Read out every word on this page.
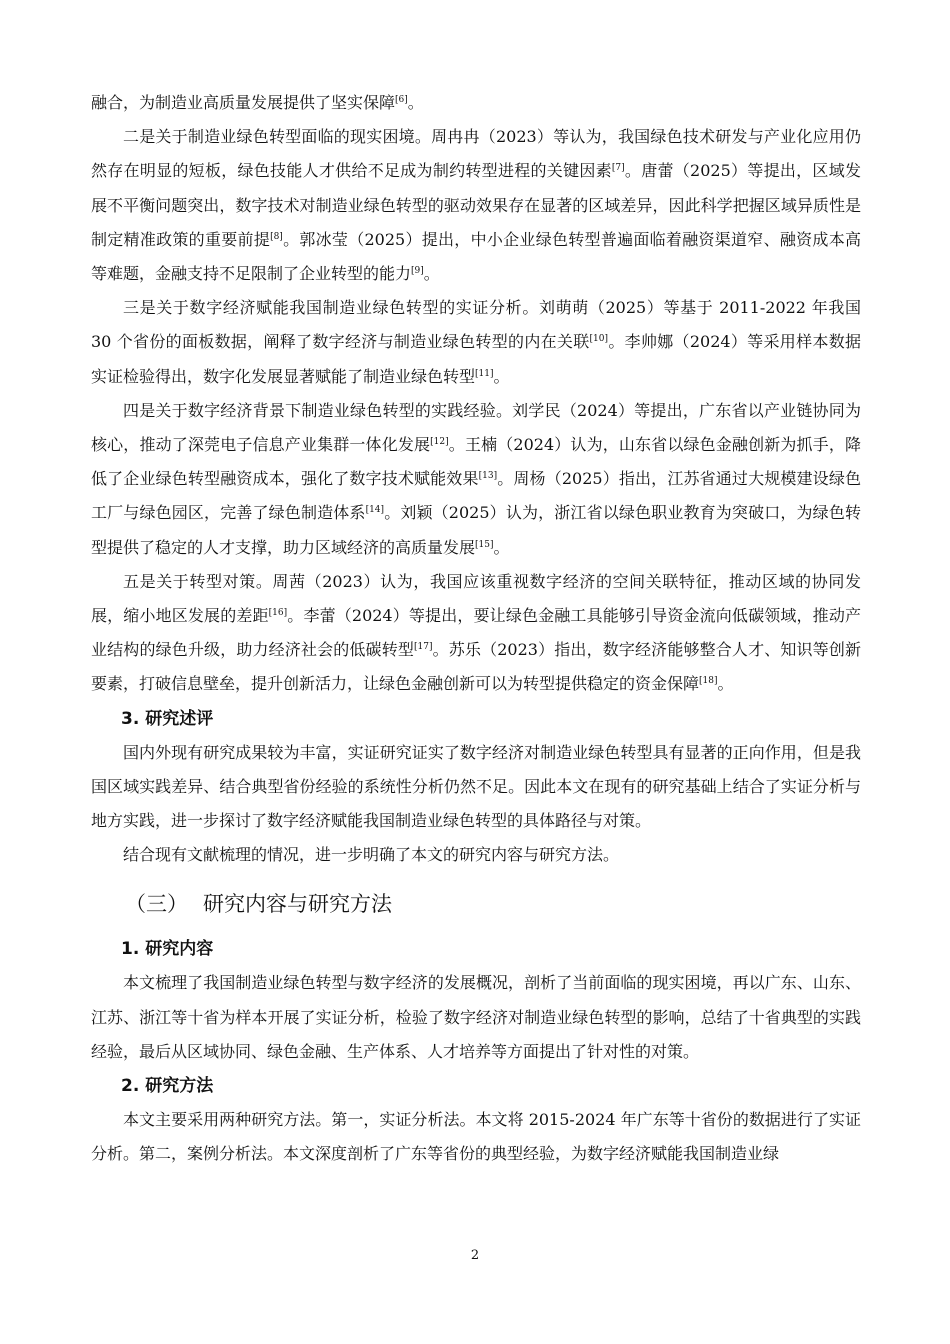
融合，为制造业高质量发展提供了坚实保障[6]。

二是关于制造业绿色转型面临的现实困境。周冉冉（2023）等认为，我国绿色技术研发与产业化应用仍然存在明显的短板，绿色技能人才供给不足成为制约转型进程的关键因素[7]。唐蕾（2025）等提出，区域发展不平衡问题突出，数字技术对制造业绿色转型的驱动效果存在显著的区域差异，因此科学把握区域异质性是制定精准政策的重要前提[8]。郭冰莹（2025）提出，中小企业绿色转型普遍面临着融资渠道窄、融资成本高等难题，金融支持不足限制了企业转型的能力[9]。

三是关于数字经济赋能我国制造业绿色转型的实证分析。刘萌萌（2025）等基于 2011-2022 年我国 30 个省份的面板数据，阐释了数字经济与制造业绿色转型的内在关联[10]。李帅娜（2024）等采用样本数据实证检验得出，数字化发展显著赋能了制造业绿色转型[11]。

四是关于数字经济背景下制造业绿色转型的实践经验。刘学民（2024）等提出，广东省以产业链协同为核心，推动了深莞电子信息产业集群一体化发展[12]。王楠（2024）认为，山东省以绿色金融创新为抓手，降低了企业绿色转型融资成本，强化了数字技术赋能效果[13]。周杨（2025）指出，江苏省通过大规模建设绿色工厂与绿色园区，完善了绿色制造体系[14]。刘颖（2025）认为，浙江省以绿色职业教育为突破口，为绿色转型提供了稳定的人才支撑，助力区域经济的高质量发展[15]。

五是关于转型对策。周茜（2023）认为，我国应该重视数字经济的空间关联特征，推动区域的协同发展，缩小地区发展的差距[16]。李蕾（2024）等提出，要让绿色金融工具能够引导资金流向低碳领域，推动产业结构的绿色升级，助力经济社会的低碳转型[17]。苏乐（2023）指出，数字经济能够整合人才、知识等创新要素，打破信息壁垒，提升创新活力，让绿色金融创新可以为转型提供稳定的资金保障[18]。

3. 研究述评

国内外现有研究成果较为丰富，实证研究证实了数字经济对制造业绿色转型具有显著的正向作用，但是我国区域实践差异、结合典型省份经验的系统性分析仍然不足。因此本文在现有的研究基础上结合了实证分析与地方实践，进一步探讨了数字经济赋能我国制造业绿色转型的具体路径与对策。

结合现有文献梳理的情况，进一步明确了本文的研究内容与研究方法。

（三） 研究内容与研究方法
1. 研究内容

本文梳理了我国制造业绿色转型与数字经济的发展概况，剖析了当前面临的现实困境，再以广东、山东、江苏、浙江等十省为样本开展了实证分析，检验了数字经济对制造业绿色转型的影响，总结了十省典型的实践经验，最后从区域协同、绿色金融、生产体系、人才培养等方面提出了针对性的对策。

2. 研究方法

本文主要采用两种研究方法。第一，实证分析法。本文将 2015-2024 年广东等十省份的数据进行了实证分析。第二，案例分析法。本文深度剖析了广东等省份的典型经验，为数字经济赋能我国制造业绿

2
